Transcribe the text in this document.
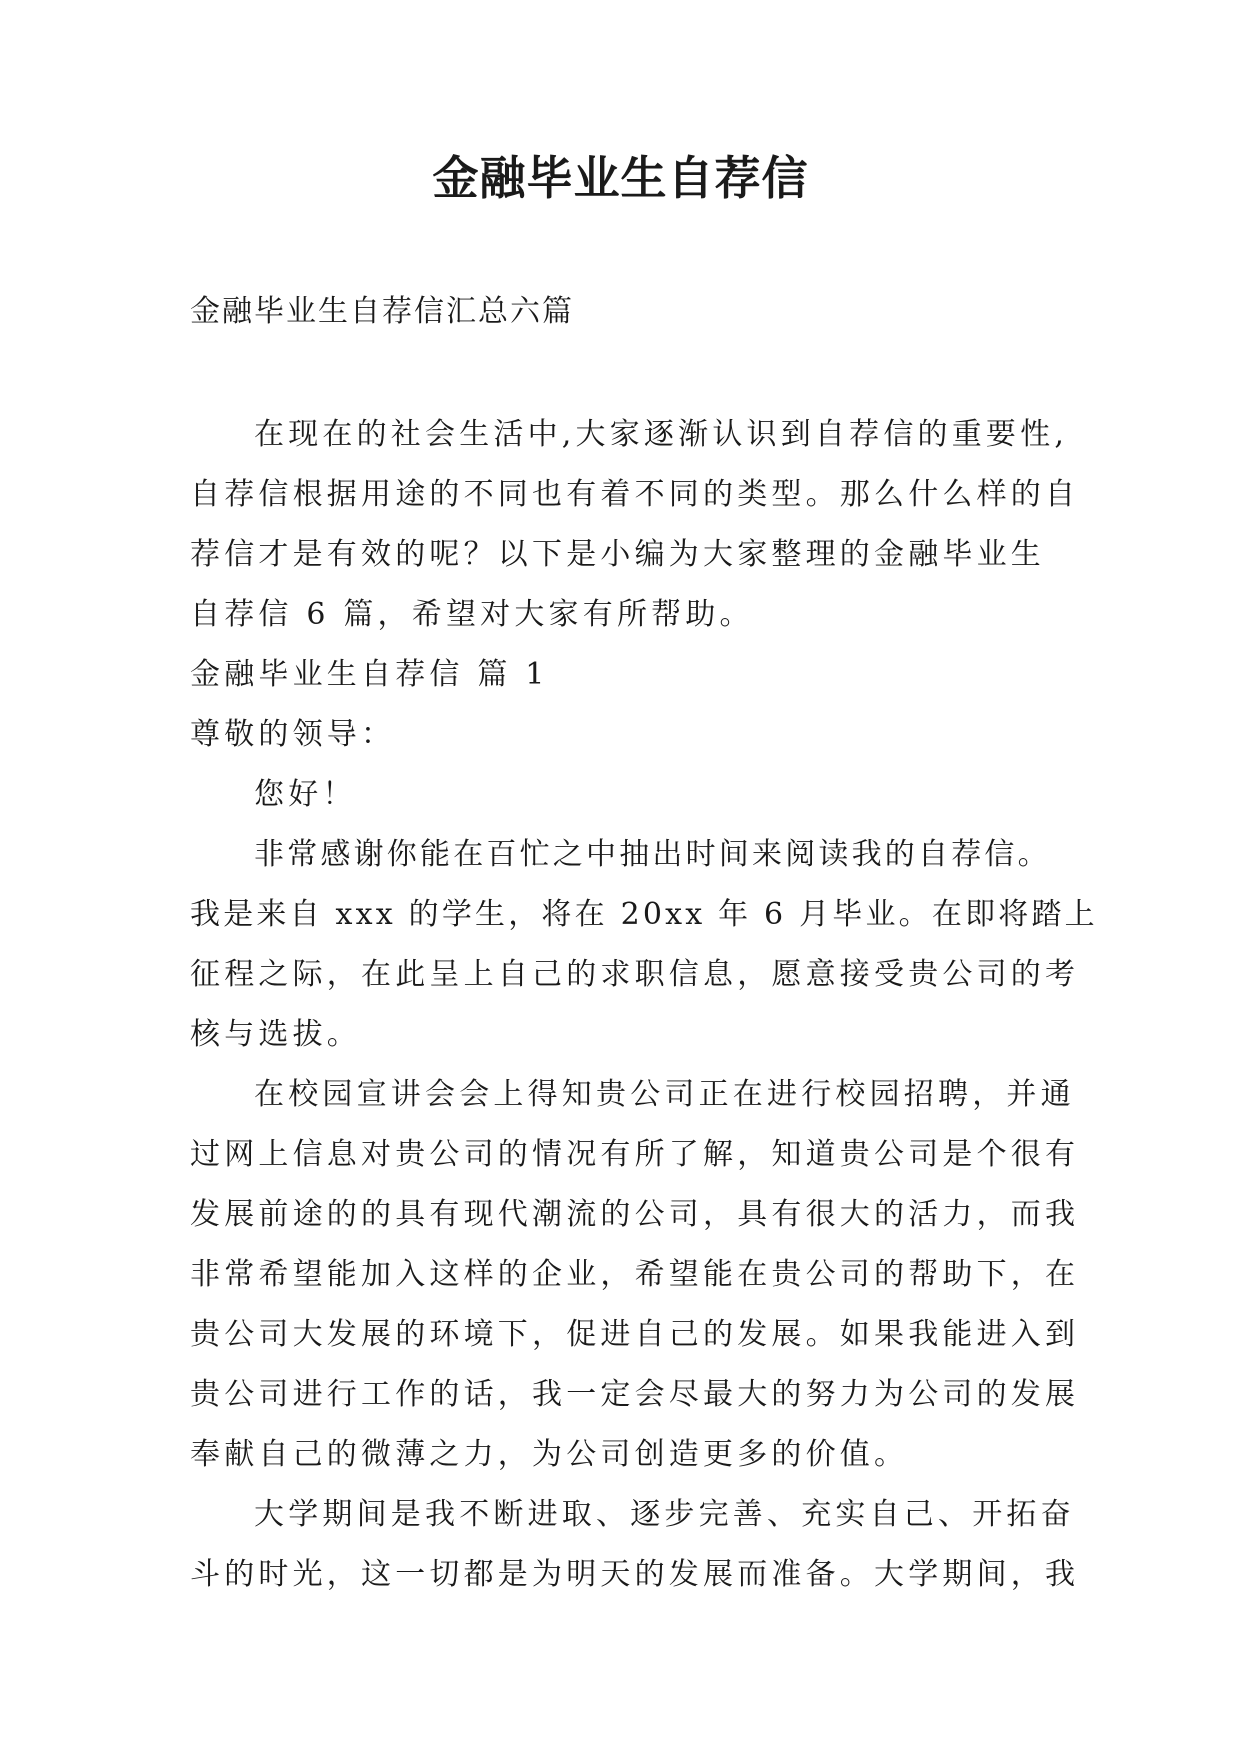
金融毕业生自荐信
金融毕业生自荐信汇总六篇
在现在的社会生活中,大家逐渐认识到自荐信的重要性,
自荐信根据用途的不同也有着不同的类型。那么什么样的自
荐信才是有效的呢？以下是小编为大家整理的金融毕业生
自荐信 6 篇，希望对大家有所帮助。
金融毕业生自荐信 篇 1
尊敬的领导：
您好！
非常感谢你能在百忙之中抽出时间来阅读我的自荐信。
我是来自 xxx 的学生，将在 20xx 年 6 月毕业。在即将踏上
征程之际，在此呈上自己的求职信息，愿意接受贵公司的考
核与选拔。
在校园宣讲会会上得知贵公司正在进行校园招聘，并通
过网上信息对贵公司的情况有所了解，知道贵公司是个很有
发展前途的的具有现代潮流的公司，具有很大的活力，而我
非常希望能加入这样的企业，希望能在贵公司的帮助下，在
贵公司大发展的环境下，促进自己的发展。如果我能进入到
贵公司进行工作的话，我一定会尽最大的努力为公司的发展
奉献自己的微薄之力，为公司创造更多的价值。
大学期间是我不断进取、逐步完善、充实自己、开拓奋
斗的时光，这一切都是为明天的发展而准备。大学期间，我
